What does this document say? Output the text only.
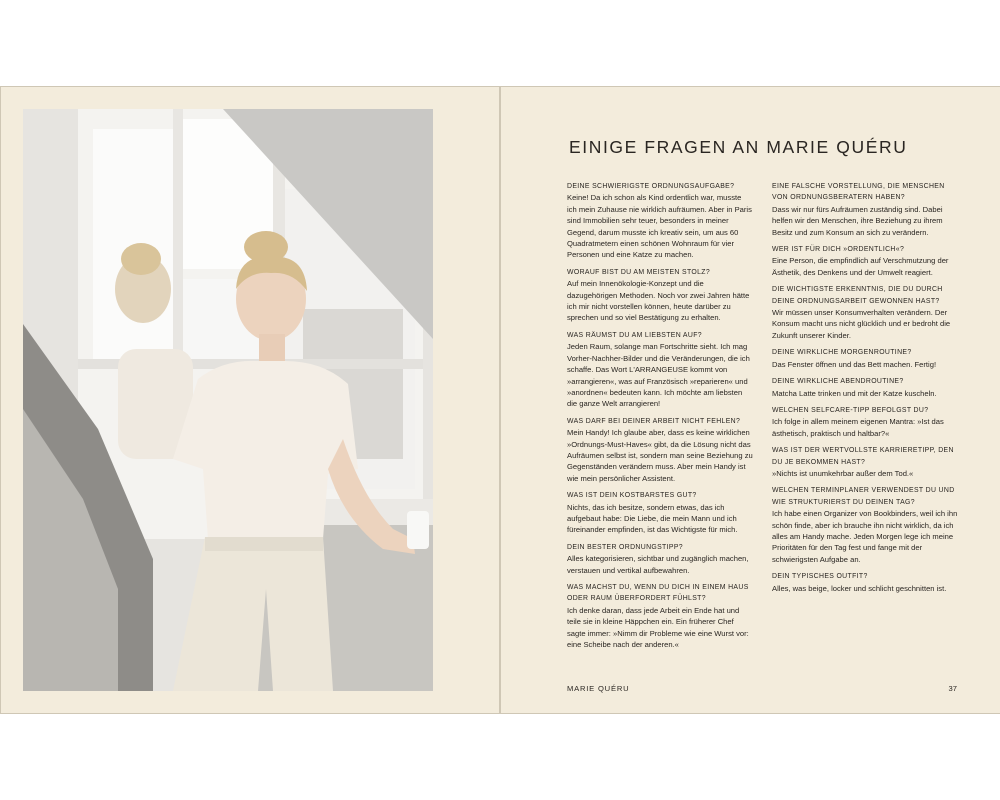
EINIGE FRAGEN AN MARIE QUÉRU
DEINE SCHWIERIGSTE ORDNUNGSAUFGABE?
Keine! Da ich schon als Kind ordentlich war, musste ich mein Zuhause nie wirklich aufräumen. Aber in Paris sind Immobilien sehr teuer, besonders in meiner Gegend, darum musste ich kreativ sein, um aus 60 Quadratmetern einen schönen Wohnraum für vier Personen und eine Katze zu machen.
WORAUF BIST DU AM MEISTEN STOLZ?
Auf mein Innenökologie-Konzept und die dazugehörigen Methoden. Noch vor zwei Jahren hätte ich mir nicht vorstellen können, heute darüber zu sprechen und so viel Bestätigung zu erhalten.
WAS RÄUMST DU AM LIEBSTEN AUF?
Jeden Raum, solange man Fortschritte sieht. Ich mag Vorher-Nachher-Bilder und die Veränderungen, die ich schaffe. Das Wort L'ARRANGEUSE kommt von »arrangieren«, was auf Französisch »reparieren« und »anordnen« bedeuten kann. Ich möchte am liebsten die ganze Welt arrangieren!
WAS DARF BEI DEINER ARBEIT NICHT FEHLEN?
Mein Handy! Ich glaube aber, dass es keine wirklichen »Ordnungs-Must-Haves« gibt, da die Lösung nicht das Aufräumen selbst ist, sondern man seine Beziehung zu Gegenständen verändern muss. Aber mein Handy ist wie mein persönlicher Assistent.
WAS IST DEIN KOSTBARSTES GUT?
Nichts, das ich besitze, sondern etwas, das ich aufgebaut habe: Die Liebe, die mein Mann und ich füreinander empfinden, ist das Wichtigste für mich.
DEIN BESTER ORDNUNGSTIPP?
Alles kategorisieren, sichtbar und zugänglich machen, verstauen und vertikal aufbewahren.
WAS MACHST DU, WENN DU DICH IN EINEM HAUS ODER RAUM ÜBERFORDERT FÜHLST?
Ich denke daran, dass jede Arbeit ein Ende hat und teile sie in kleine Häppchen ein. Ein früherer Chef sagte immer: »Nimm dir Probleme wie eine Wurst vor: eine Scheibe nach der anderen.«
EINE FALSCHE VORSTELLUNG, DIE MENSCHEN VON ORDNUNGSBERATERN HABEN?
Dass wir nur fürs Aufräumen zuständig sind. Dabei helfen wir den Menschen, ihre Beziehung zu ihrem Besitz und zum Konsum an sich zu verändern.
WER IST FÜR DICH »ORDENTLICH«?
Eine Person, die empfindlich auf Verschmutzung der Ästhetik, des Denkens und der Umwelt reagiert.
DIE WICHTIGSTE ERKENNTNIS, DIE DU DURCH DEINE ORDNUNGSARBEIT GEWONNEN HAST?
Wir müssen unser Konsumverhalten verändern. Der Konsum macht uns nicht glücklich und er bedroht die Zukunft unserer Kinder.
DEINE WIRKLICHE MORGENROUTINE?
Das Fenster öffnen und das Bett machen. Fertig!
DEINE WIRKLICHE ABENDROUTINE?
Matcha Latte trinken und mit der Katze kuscheln.
WELCHEN SELFCARE-TIPP BEFOLGST DU?
Ich folge in allem meinem eigenen Mantra: »Ist das ästhetisch, praktisch und haltbar?«
WAS IST DER WERTVOLLSTE KARRIERETIPP, DEN DU JE BEKOMMEN HAST?
»Nichts ist unumkehrbar außer dem Tod.«
WELCHEN TERMINPLANER VERWENDEST DU UND WIE STRUKTURIERST DU DEINEN TAG?
Ich habe einen Organizer von Bookbinders, weil ich ihn schön finde, aber ich brauche ihn nicht wirklich, da ich alles am Handy mache. Jeden Morgen lege ich meine Prioritäten für den Tag fest und fange mit der schwierigsten Aufgabe an.
DEIN TYPISCHES OUTFIT?
Alles, was beige, locker und schlicht geschnitten ist.
MARIE QUÉRU	37
